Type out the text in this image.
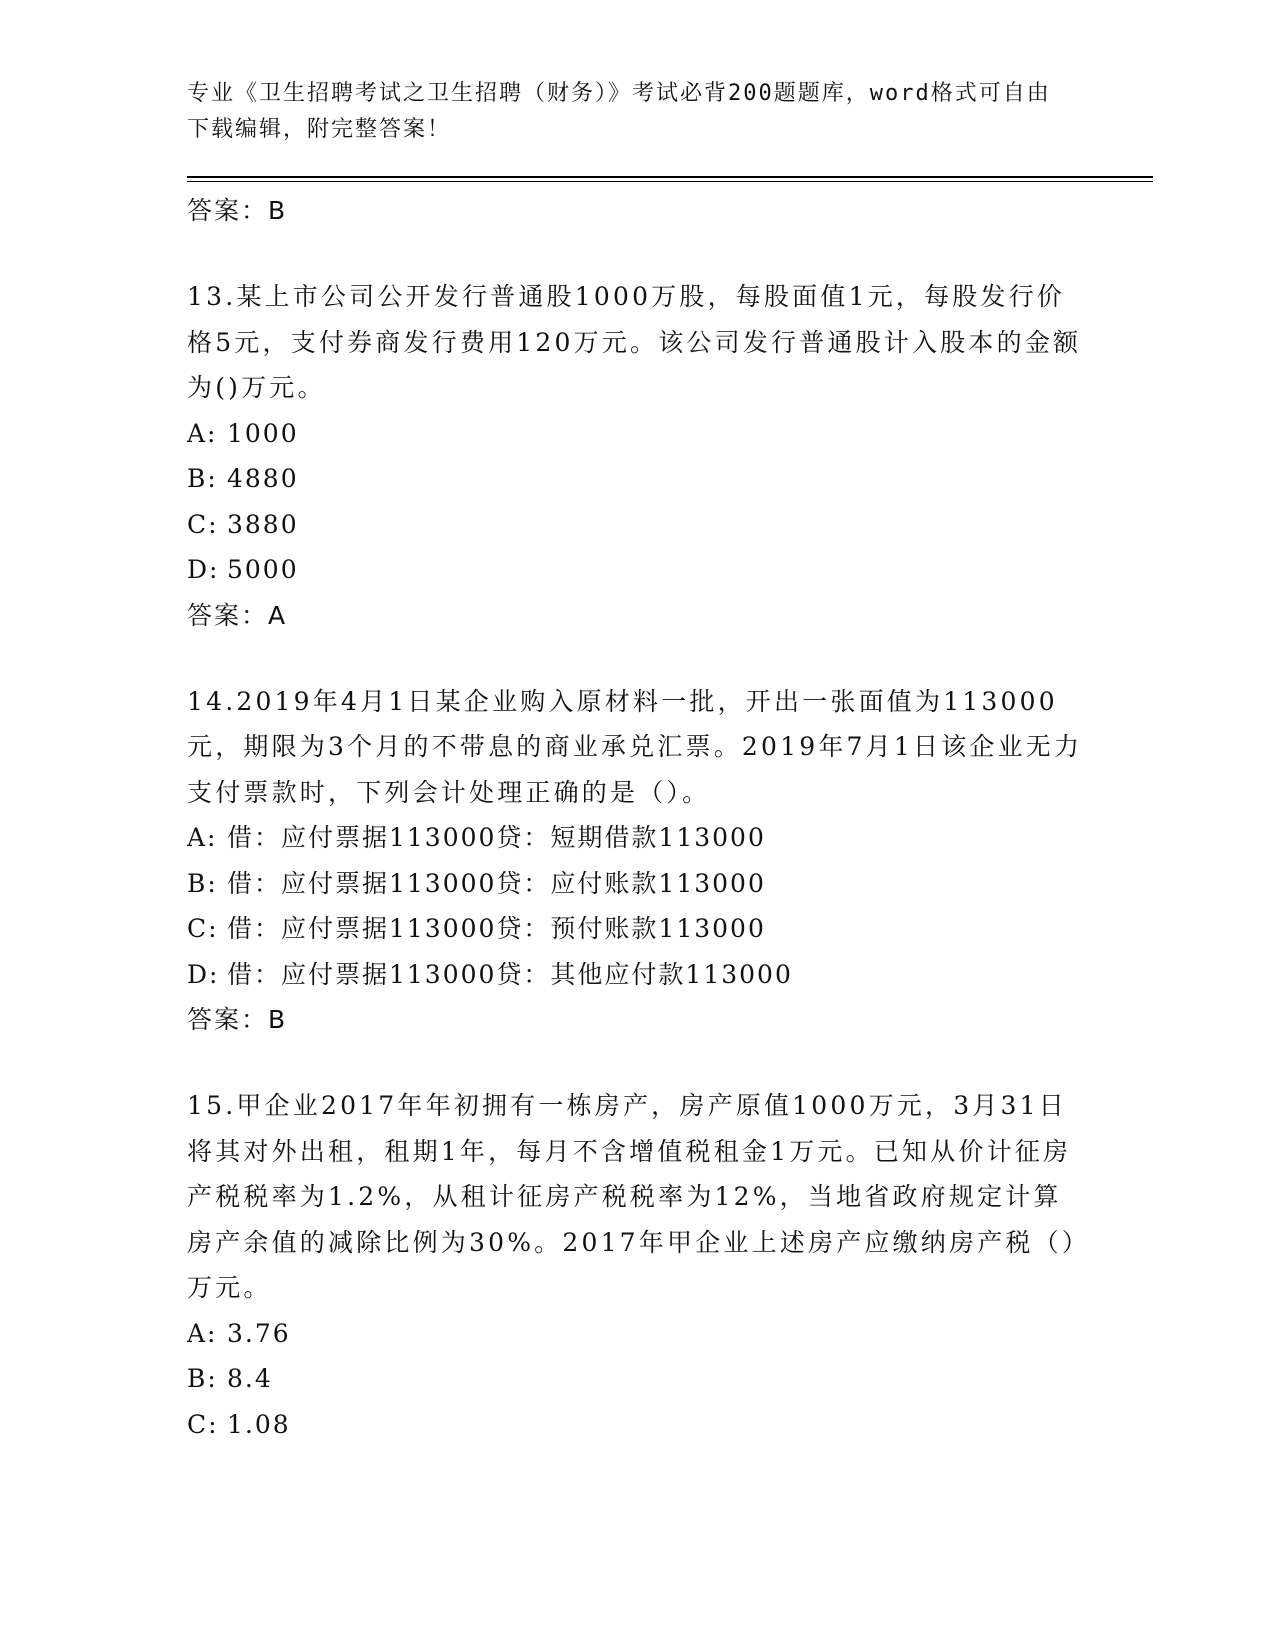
专业《卫生招聘考试之卫生招聘（财务）》考试必背200题题库，word格式可自由下载编辑，附完整答案！

答案：B

13.某上市公司公开发行普通股1000万股，每股面值1元，每股发行价格5元，支付券商发行费用120万元。该公司发行普通股计入股本的金额为()万元。

A: 1000

B: 4880

C: 3880

D: 5000

答案：A

14.2019年4月1日某企业购入原材料一批，开出一张面值为113000元，期限为3个月的不带息的商业承兑汇票。2019年7月1日该企业无力支付票款时，下列会计处理正确的是（）。

A: 借：应付票据113000贷：短期借款113000

B: 借：应付票据113000贷：应付账款113000

C: 借：应付票据113000贷：预付账款113000

D: 借：应付票据113000贷：其他应付款113000

答案：B

15.甲企业2017年年初拥有一栋房产，房产原值1000万元，3月31日将其对外出租，租期1年，每月不含增值税租金1万元。已知从价计征房产税税率为1.2%，从租计征房产税税率为12%，当地省政府规定计算房产余值的减除比例为30%。2017年甲企业上述房产应缴纳房产税（）万元。

A: 3.76

B: 8.4

C: 1.08
